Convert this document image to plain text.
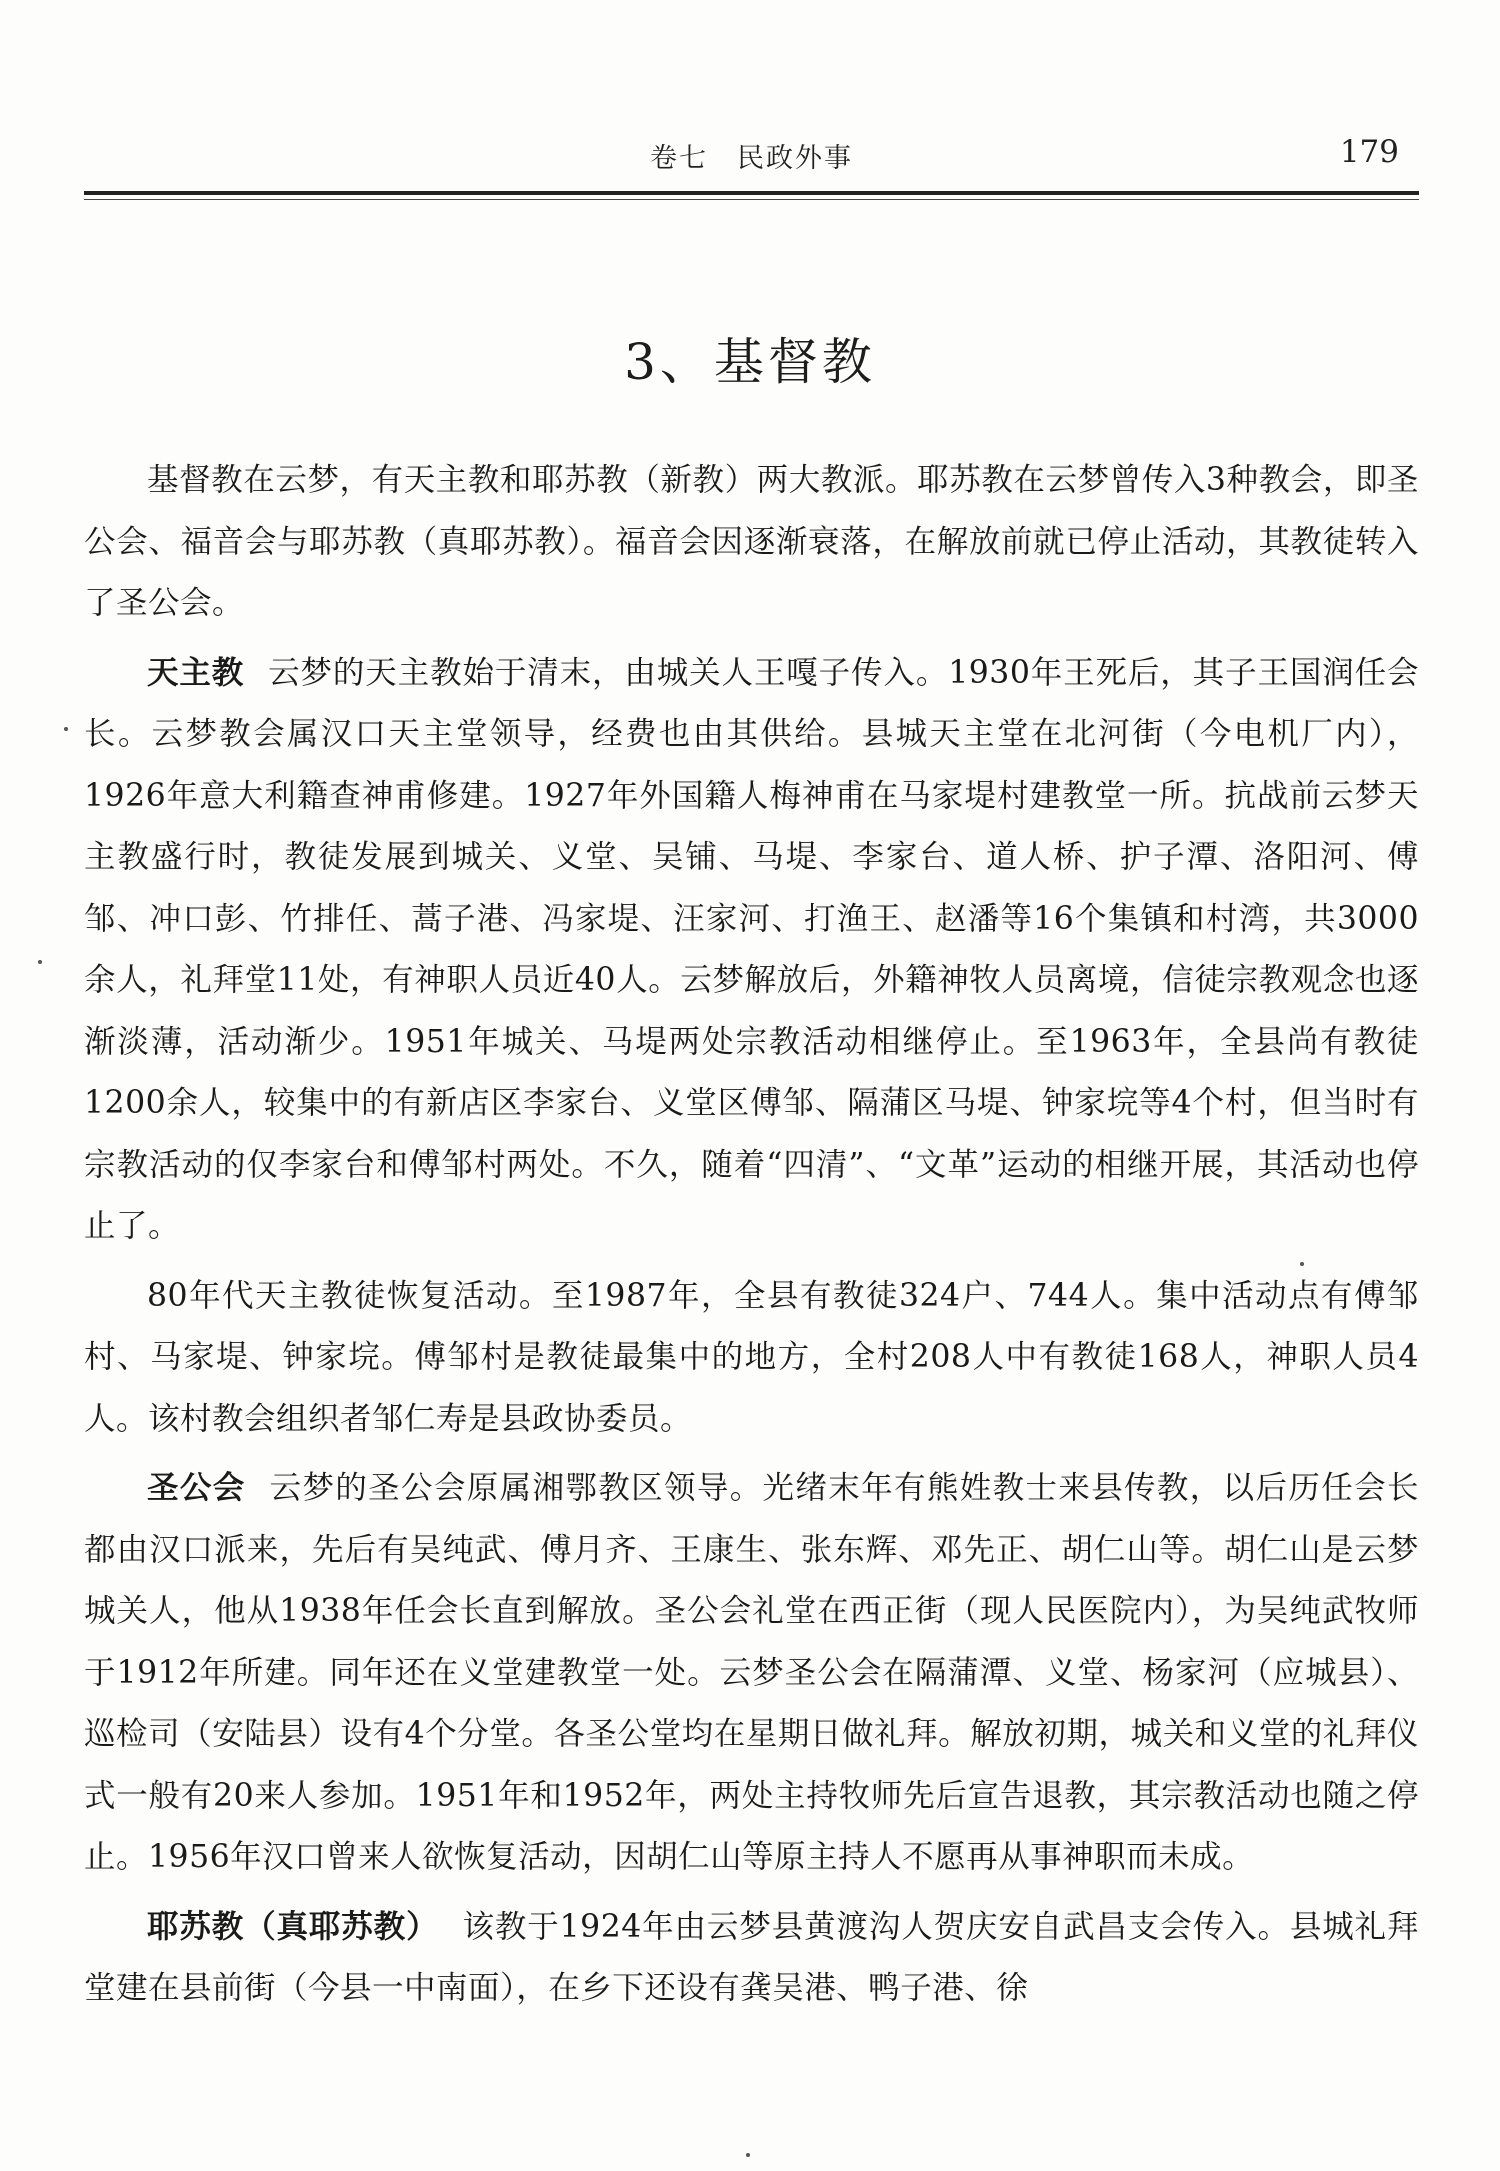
卷七　民政外事	179
3、基督教

基督教在云梦，有天主教和耶苏教（新教）两大教派。耶苏教在云梦曾传入3种教会，即圣公会、福音会与耶苏教（真耶苏教）。福音会因逐渐衰落，在解放前就已停止活动，其教徒转入了圣公会。

天主教 云梦的天主教始于清末，由城关人王嘎子传入。1930年王死后，其子王国润任会长。云梦教会属汉口天主堂领导，经费也由其供给。县城天主堂在北河街（今电机厂内），1926年意大利籍查神甫修建。1927年外国籍人梅神甫在马家堤村建教堂一所。抗战前云梦天主教盛行时，教徒发展到城关、义堂、吴铺、马堤、李家台、道人桥、护子潭、洛阳河、傅邹、冲口彭、竹排任、蒿子港、冯家堤、汪家河、打渔王、赵潘等16个集镇和村湾，共3000余人，礼拜堂11处，有神职人员近40人。云梦解放后，外籍神牧人员离境，信徒宗教观念也逐渐淡薄，活动渐少。1951年城关、马堤两处宗教活动相继停止。至1963年，全县尚有教徒1200余人，较集中的有新店区李家台、义堂区傅邹、隔蒲区马堤、钟家垸等4个村，但当时有宗教活动的仅李家台和傅邹村两处。不久，随着“四清”、“文革”运动的相继开展，其活动也停止了。

80年代天主教徒恢复活动。至1987年，全县有教徒324户、744人。集中活动点有傅邹村、马家堤、钟家垸。傅邹村是教徒最集中的地方，全村208人中有教徒168人，神职人员4人。该村教会组织者邹仁寿是县政协委员。

圣公会 云梦的圣公会原属湘鄂教区领导。光绪末年有熊姓教士来县传教，以后历任会长都由汉口派来，先后有吴纯武、傅月齐、王康生、张东辉、邓先正、胡仁山等。胡仁山是云梦城关人，他从1938年任会长直到解放。圣公会礼堂在西正街（现人民医院内），为吴纯武牧师于1912年所建。同年还在义堂建教堂一处。云梦圣公会在隔蒲潭、义堂、杨家河（应城县）、巡检司（安陆县）设有4个分堂。各圣公堂均在星期日做礼拜。解放初期，城关和义堂的礼拜仪式一般有20来人参加。1951年和1952年，两处主持牧师先后宣告退教，其宗教活动也随之停止。1956年汉口曾来人欲恢复活动，因胡仁山等原主持人不愿再从事神职而未成。

耶苏教（真耶苏教） 该教于1924年由云梦县黄渡沟人贺庆安自武昌支会传入。县城礼拜堂建在县前街（今县一中南面），在乡下还设有龚吴港、鸭子港、徐
